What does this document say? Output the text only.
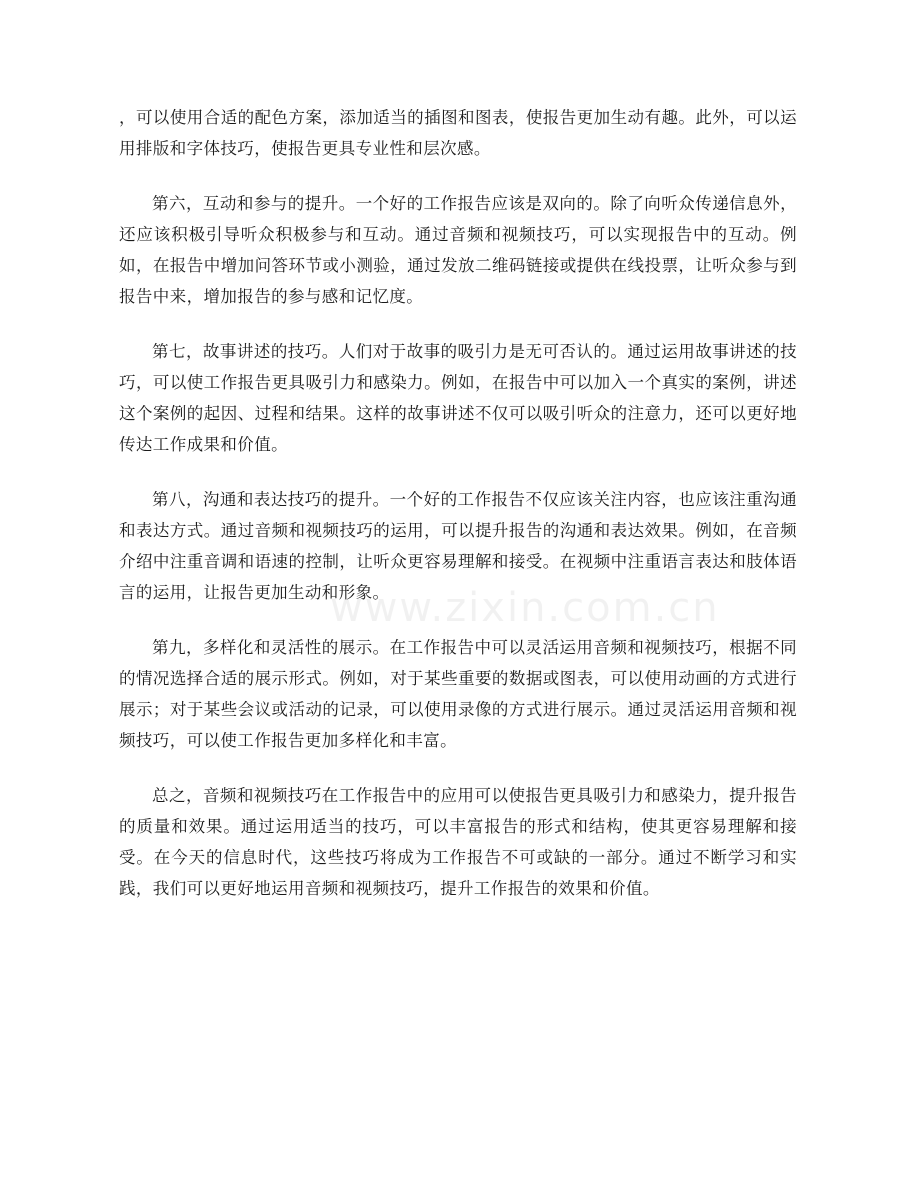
，可以使用合适的配色方案，添加适当的插图和图表，使报告更加生动有趣。此外，可以运用排版和字体技巧，使报告更具专业性和层次感。

第六，互动和参与的提升。一个好的工作报告应该是双向的。除了向听众传递信息外，还应该积极引导听众积极参与和互动。通过音频和视频技巧，可以实现报告中的互动。例如，在报告中增加问答环节或小测验，通过发放二维码链接或提供在线投票，让听众参与到报告中来，增加报告的参与感和记忆度。

第七，故事讲述的技巧。人们对于故事的吸引力是无可否认的。通过运用故事讲述的技巧，可以使工作报告更具吸引力和感染力。例如，在报告中可以加入一个真实的案例，讲述这个案例的起因、过程和结果。这样的故事讲述不仅可以吸引听众的注意力，还可以更好地传达工作成果和价值。

第八，沟通和表达技巧的提升。一个好的工作报告不仅应该关注内容，也应该注重沟通和表达方式。通过音频和视频技巧的运用，可以提升报告的沟通和表达效果。例如，在音频介绍中注重音调和语速的控制，让听众更容易理解和接受。在视频中注重语言表达和肢体语言的运用，让报告更加生动和形象。

第九，多样化和灵活性的展示。在工作报告中可以灵活运用音频和视频技巧，根据不同的情况选择合适的展示形式。例如，对于某些重要的数据或图表，可以使用动画的方式进行展示；对于某些会议或活动的记录，可以使用录像的方式进行展示。通过灵活运用音频和视频技巧，可以使工作报告更加多样化和丰富。

总之，音频和视频技巧在工作报告中的应用可以使报告更具吸引力和感染力，提升报告的质量和效果。通过运用适当的技巧，可以丰富报告的形式和结构，使其更容易理解和接受。在今天的信息时代，这些技巧将成为工作报告不可或缺的一部分。通过不断学习和实践，我们可以更好地运用音频和视频技巧，提升工作报告的效果和价值。

www.zixin.com.cn
